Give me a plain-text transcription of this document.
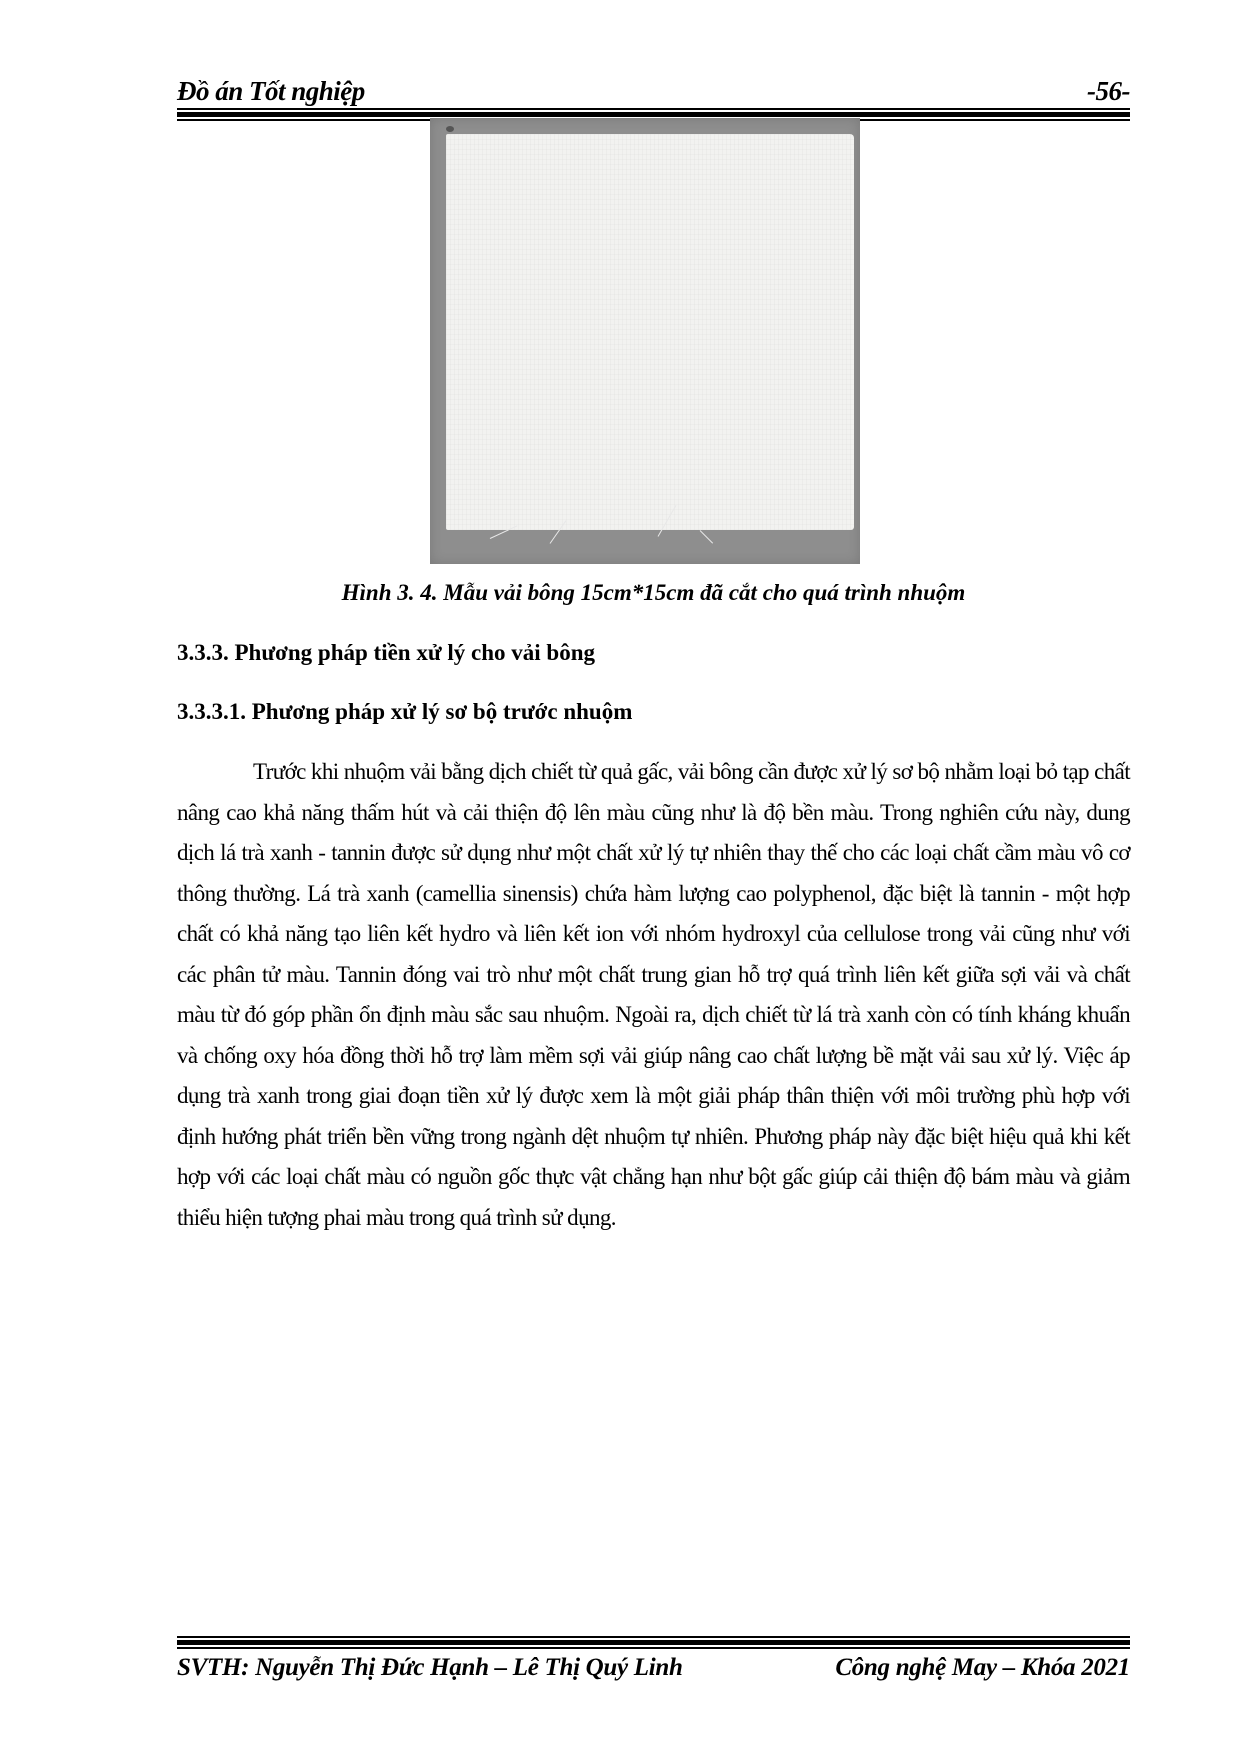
Đồ án Tốt nghiệp	-56-
Hình 3. 4. Mẫu vải bông 15cm*15cm đã cắt cho quá trình nhuộm
3.3.3. Phương pháp tiền xử lý cho vải bông
3.3.3.1. Phương pháp xử lý sơ bộ trước nhuộm

Trước khi nhuộm vải bằng dịch chiết từ quả gấc, vải bông cần được xử lý sơ bộ nhằm loại bỏ tạp chất nâng cao khả năng thấm hút và cải thiện độ lên màu cũng như là độ bền màu. Trong nghiên cứu này, dung dịch lá trà xanh - tannin được sử dụng như một chất xử lý tự nhiên thay thế cho các loại chất cầm màu vô cơ thông thường. Lá trà xanh (camellia sinensis) chứa hàm lượng cao polyphenol, đặc biệt là tannin - một hợp chất có khả năng tạo liên kết hydro và liên kết ion với nhóm hydroxyl của cellulose trong vải cũng như với các phân tử màu. Tannin đóng vai trò như một chất trung gian hỗ trợ quá trình liên kết giữa sợi vải và chất màu từ đó góp phần ổn định màu sắc sau nhuộm. Ngoài ra, dịch chiết từ lá trà xanh còn có tính kháng khuẩn và chống oxy hóa đồng thời hỗ trợ làm mềm sợi vải giúp nâng cao chất lượng bề mặt vải sau xử lý. Việc áp dụng trà xanh trong giai đoạn tiền xử lý được xem là một giải pháp thân thiện với môi trường phù hợp với định hướng phát triển bền vững trong ngành dệt nhuộm tự nhiên. Phương pháp này đặc biệt hiệu quả khi kết hợp với các loại chất màu có nguồn gốc thực vật chẳng hạn như bột gấc giúp cải thiện độ bám màu và giảm thiểu hiện tượng phai màu trong quá trình sử dụng.

SVTH: Nguyễn Thị Đức Hạnh – Lê Thị Quý Linh	Công nghệ May – Khóa 2021
